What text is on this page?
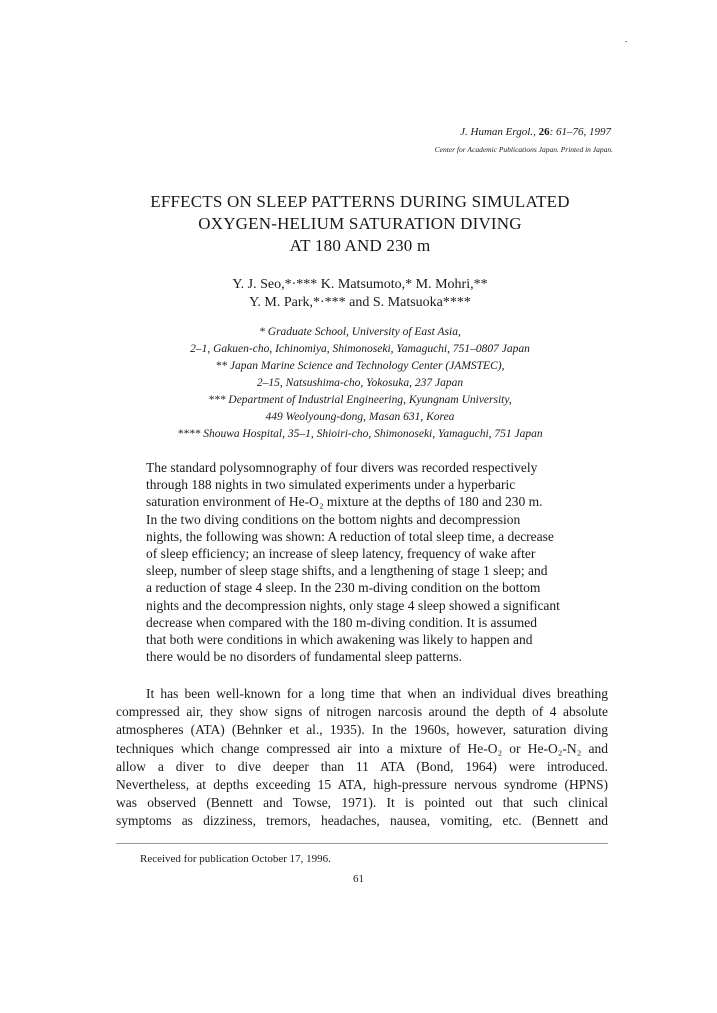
J. Human Ergol., 26: 61–76, 1997
Center for Academic Publications Japan. Printed in Japan.
EFFECTS ON SLEEP PATTERNS DURING SIMULATED
OXYGEN-HELIUM SATURATION DIVING
AT 180 AND 230 m
Y. J. Seo,*·*** K. Matsumoto,* M. Mohri,**
Y. M. Park,*·*** and S. Matsuoka****
* Graduate School, University of East Asia,
2–1, Gakuen-cho, Ichinomiya, Shimonoseki, Yamaguchi, 751–0807 Japan
** Japan Marine Science and Technology Center (JAMSTEC),
2–15, Natsushima-cho, Yokosuka, 237 Japan
*** Department of Industrial Engineering, Kyungnam University,
449 Weolyoung-dong, Masan 631, Korea
**** Shouwa Hospital, 35–1, Shioiri-cho, Shimonoseki, Yamaguchi, 751 Japan
The standard polysomnography of four divers was recorded respectively
through 188 nights in two simulated experiments under a hyperbaric
saturation environment of He-O₂ mixture at the depths of 180 and 230 m.
In the two diving conditions on the bottom nights and decompression
nights, the following was shown: A reduction of total sleep time, a decrease
of sleep efficiency; an increase of sleep latency, frequency of wake after
sleep, number of sleep stage shifts, and a lengthening of stage 1 sleep; and
a reduction of stage 4 sleep. In the 230 m-diving condition on the bottom
nights and the decompression nights, only stage 4 sleep showed a significant
decrease when compared with the 180 m-diving condition. It is assumed
that both were conditions in which awakening was likely to happen and
there would be no disorders of fundamental sleep patterns.
It has been well-known for a long time that when an individual dives breathing
compressed air, they show signs of nitrogen narcosis around the depth of 4 absolute
atmospheres (ATA) (Behnker et al., 1935). In the 1960s, however, saturation diving
techniques which change compressed air into a mixture of He-O₂ or He-O₂-N₂ and
allow a diver to dive deeper than 11 ATA (Bond, 1964) were introduced.
Nevertheless, at depths exceeding 15 ATA, high-pressure nervous syndrome (HPNS)
was observed (Bennett and Towse, 1971). It is pointed out that such clinical
symptoms as dizziness, tremors, headaches, nausea, vomiting, etc. (Bennett and
Received for publication October 17, 1996.
61
